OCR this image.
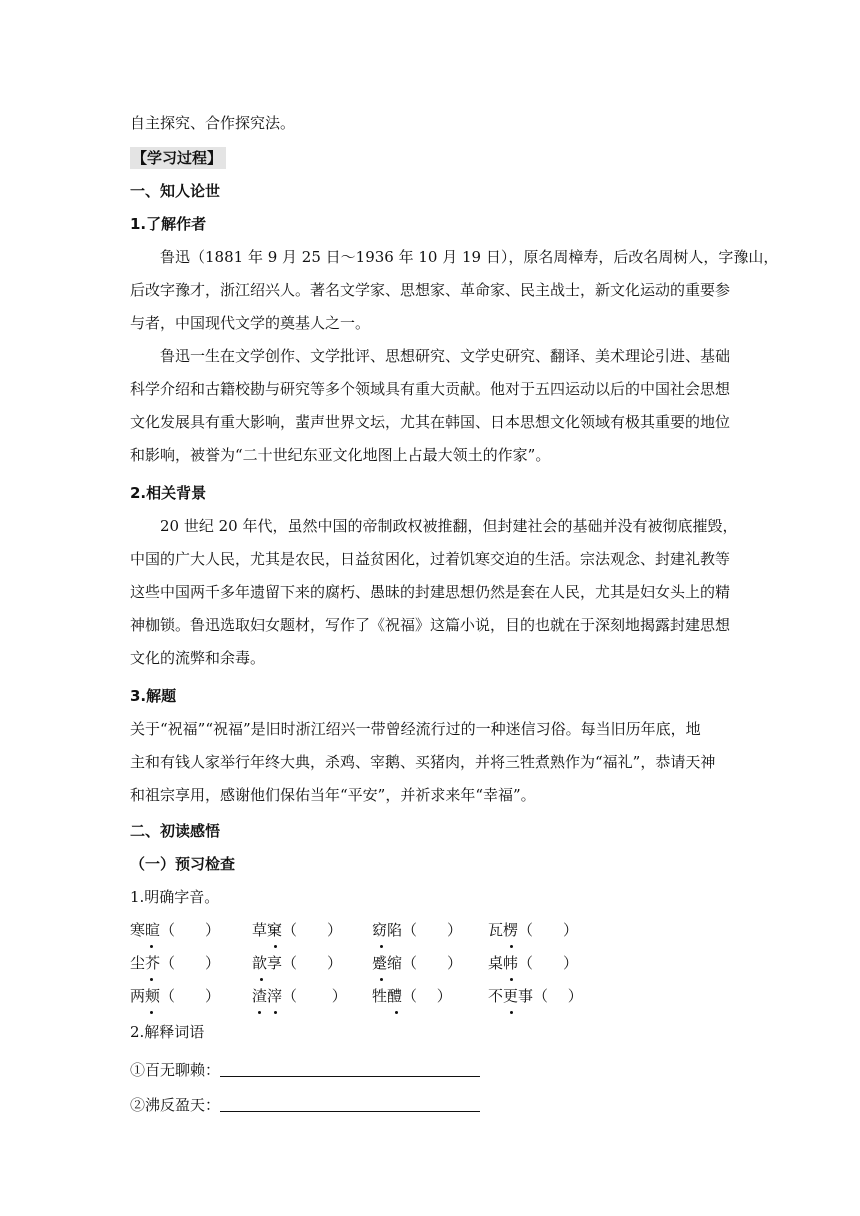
自主探究、合作探究法。
【学习过程】
一、知人论世
1.了解作者

鲁迅（1881 年 9 月 25 日～1936 年 10 月 19 日），原名周樟寿，后改名周树人，字豫山，
后改字豫才，浙江绍兴人。著名文学家、思想家、革命家、民主战士，新文化运动的重要参
与者，中国现代文学的奠基人之一。

鲁迅一生在文学创作、文学批评、思想研究、文学史研究、翻译、美术理论引进、基础
科学介绍和古籍校勘与研究等多个领域具有重大贡献。他对于五四运动以后的中国社会思想
文化发展具有重大影响，蜚声世界文坛，尤其在韩国、日本思想文化领域有极其重要的地位
和影响，被誉为“二十世纪东亚文化地图上占最大领土的作家”。

2.相关背景

20 世纪 20 年代，虽然中国的帝制政权被推翻，但封建社会的基础并没有被彻底摧毁，
中国的广大人民，尤其是农民，日益贫困化，过着饥寒交迫的生活。宗法观念、封建礼教等
这些中国两千多年遗留下来的腐朽、愚昧的封建思想仍然是套在人民，尤其是妇女头上的精
神枷锁。鲁迅选取妇女题材，写作了《祝福》这篇小说，目的也就在于深刻地揭露封建思想
文化的流弊和余毒。

3.解题

关于“祝福”“祝福”是旧时浙江绍兴一带曾经流行过的一种迷信习俗。每当旧历年底，地
主和有钱人家举行年终大典，杀鸡、宰鹅、买猪肉，并将三牲煮熟作为“福礼”，恭请天神
和祖宗享用，感谢他们保佑当年“平安”，并祈求来年“幸福”。

二、初读感悟
（一）预习检查
1.明确字音。
寒暄（　　） 草窠（　　） 窈陷（　　） 瓦楞（　　）
尘芥（　　） 歆享（　　） 蹙缩（　　） 桌帏（　　）
两颊（　　） 渣滓（　　 ） 牲醴（　 ） 不更事（　 ）
2.解释词语
①百无聊赖：
②沸反盈天：
